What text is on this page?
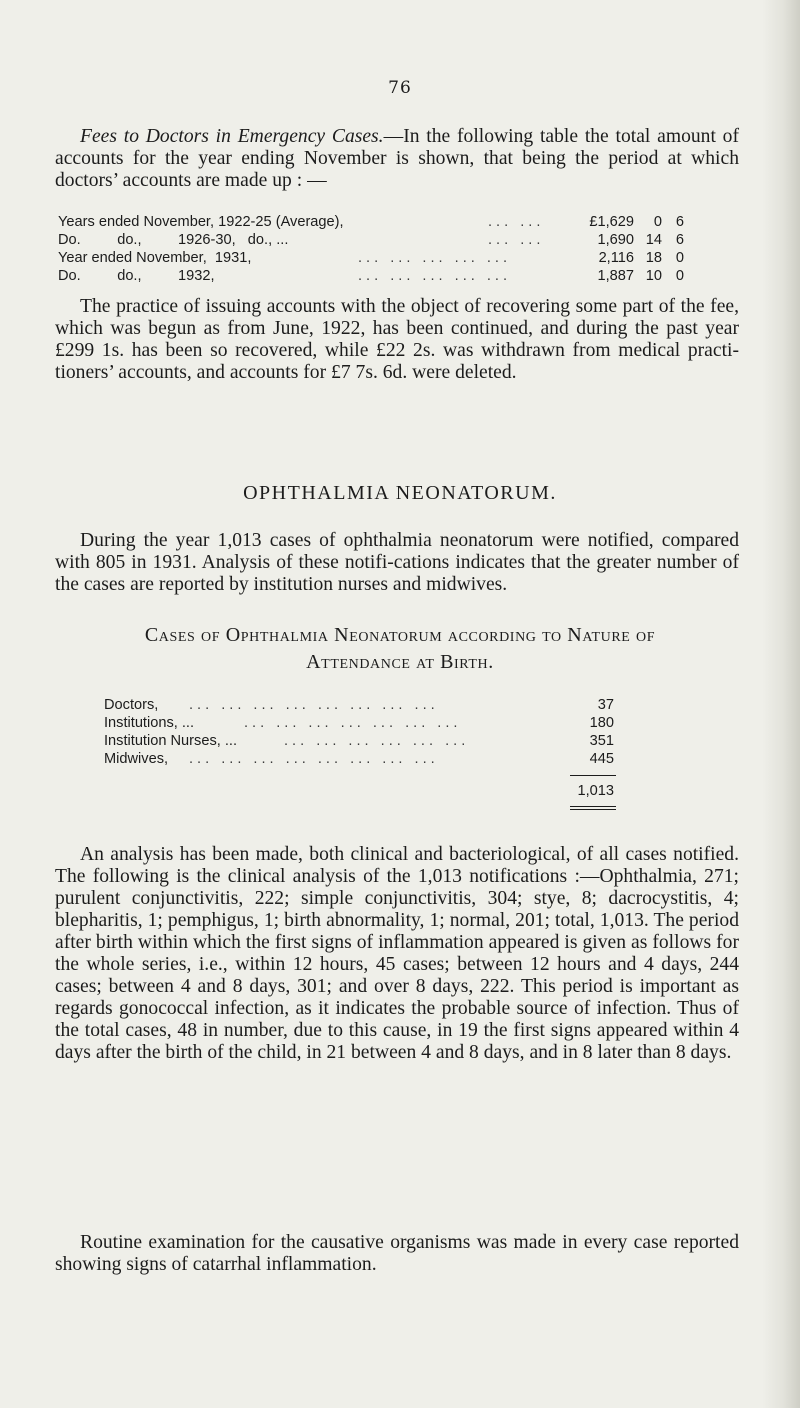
76
Fees to Doctors in Emergency Cases.—In the following table the total amount of accounts for the year ending November is shown, that being the period at which doctors’ accounts are made up : —
Years ended November, 1922-25 (Average),	... ...	£1,629	0 6
Do.         do.,         1926-30,   do., ...	... ...	1,690 14 6
Year ended November,  1931,	... ... ... ... ...	2,116 18 0
Do.         do.,         1932,	... ... ... ... ...	1,887 10 0
The practice of issuing accounts with the object of recovering some part of the fee, which was begun as from June, 1922, has been continued, and during the past year £299 1s. has been so recovered, while £22 2s. was withdrawn from medical practi-tioners’ accounts, and accounts for £7 7s. 6d. were deleted.
OPHTHALMIA NEONATORUM.
During the year 1,013 cases of ophthalmia neonatorum were notified, compared with 805 in 1931. Analysis of these notifi-cations indicates that the greater number of the cases are reported by institution nurses and midwives.
Cases of Ophthalmia Neonatorum according to Nature of
Attendance at Birth.
Doctors, ... ... ... ... ... ... ... ...	37
Institutions, ...	... ... ... ... ... ... ...	180
Institution Nurses, ...	... ... ... ... ... ...	351
Midwives, ... ... ... ... ... ... ... ...	445
1,013
An analysis has been made, both clinical and bacteriological, of all cases notified. The following is the clinical analysis of the 1,013 notifications :—Ophthalmia, 271; purulent conjunctivitis, 222; simple conjunctivitis, 304; stye, 8; dacrocystitis, 4; blepharitis, 1; pemphigus, 1; birth abnormality, 1; normal, 201; total, 1,013. The period after birth within which the first signs of inflammation appeared is given as follows for the whole series, i.e., within 12 hours, 45 cases; between 12 hours and 4 days, 244 cases; between 4 and 8 days, 301; and over 8 days, 222. This period is important as regards gonococcal infection, as it indicates the probable source of infection. Thus of the total cases, 48 in number, due to this cause, in 19 the first signs appeared within 4 days after the birth of the child, in 21 between 4 and 8 days, and in 8 later than 8 days.
Routine examination for the causative organisms was made in every case reported showing signs of catarrhal inflammation.
